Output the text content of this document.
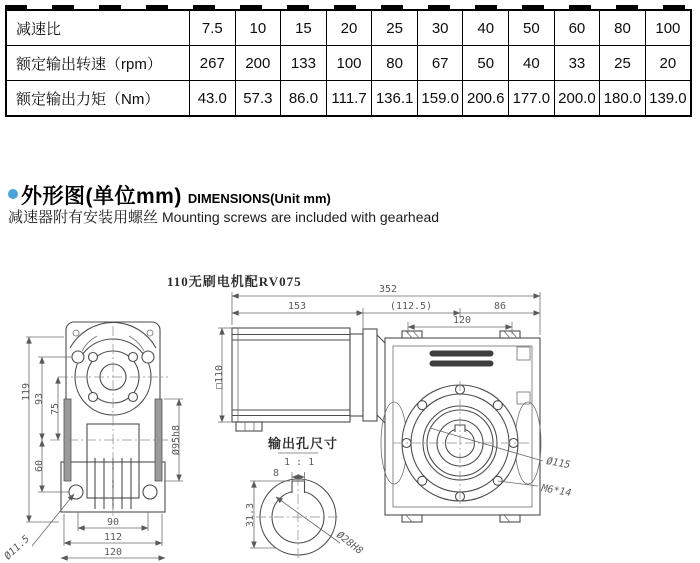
减速比	7.5	10	15	20	25	30	40	50	60	80	100
额定输出转速（rpm）	267	200	133	100	80	67	50	40	33	25	20
额定输出力矩（Nm）	43.0	57.3	86.0	111.7	136.1	159.0	200.6	177.0	200.0	180.0	139.0
外形图(单位mm) DIMENSIONS(Unit mm)
减速器附有安装用螺丝 Mounting screws are included with gearhead
110无刷电机配RV075
119 93
60
75
Ø95h8
90
112
120
Ø11.5
352
153	(112.5)	86
120
□110
Ø115
M6*14
输出孔尺寸
1 : 1
8
31.3
Ø28H8
